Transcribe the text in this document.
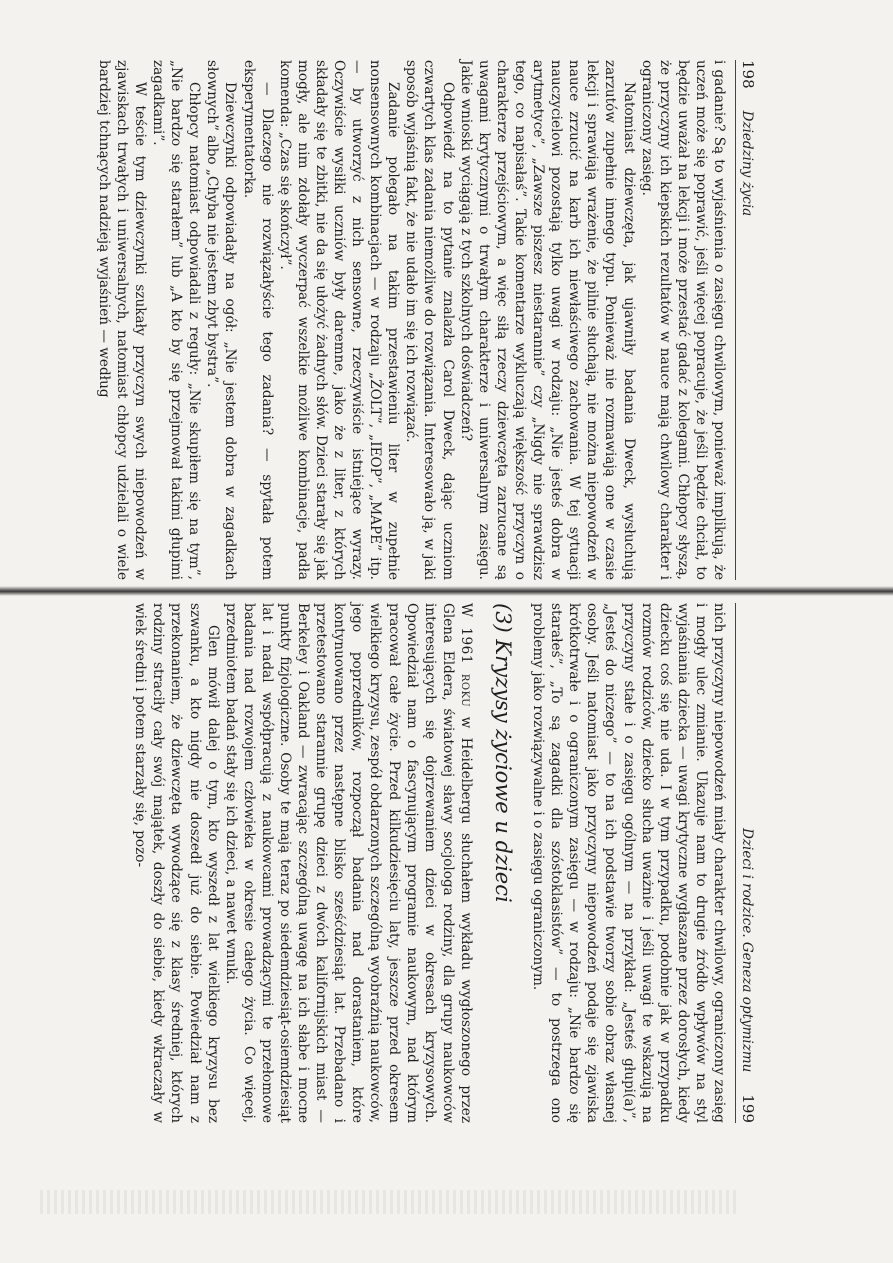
198
Dziedziny życia

i gadanie? Są to wyjaśnienia o zasięgu chwilowym, ponieważ implikują, że uczeń może się poprawić, jeśli więcej popracuje, że jeśli będzie chciał, to będzie uważał na lekcji i może przestać gadać z kolegami. Chłopcy słyszą, że przyczyny ich kiepskich rezultatów w nauce mają chwilowy charakter i ograniczony zasięg.

Natomiast dziewczęta, jak ujawniły badania Dweck, wysłuchują zarzutów zupełnie innego typu. Ponieważ nie rozmawiają one w czasie lekcji i sprawiają wrażenie, że pilnie słuchają, nie można niepowodzeń w nauce zrzucić na karb ich niewłaściwego zachowania. W tej sytuacji nauczycielowi pozostają tylko uwagi w rodzaju: „Nie jesteś dobra w arytmetyce”, „Zawsze piszesz niestarannie” czy „Nigdy nie sprawdzisz tego, co napisałaś”. Takie komentarze wykluczają większość przyczyn o charakterze przejściowym, a więc siłą rzeczy dziewczęta zarzucane są uwagami krytycznymi o trwałym charakterze i uniwersalnym zasięgu. Jakie wnioski wyciągają z tych szkolnych doświadczeń?

Odpowiedź na to pytanie znalazła Carol Dweck, dając uczniom czwartych klas zadania niemożliwe do rozwiązania. Interesowało ją, w jaki sposób wyjaśnią fakt, że nie udało im się ich rozwiązać.

Zadanie polegało na takim przestawieniu liter w zupełnie nonsensownych kombinacjach — w rodzaju „ŻOLT”, „IEOP”, „MAPE” itp. — by utworzyć z nich sensowne, rzeczywiście istniejące wyrazy. Oczywiście wysiłki uczniów były daremne, jako że z liter, z których składały się te zbitki, nie da się ułożyć żadnych słów. Dzieci starały się jak mogły, ale nim zdołały wyczerpać wszelkie możliwe kombinacje, padła komenda: „Czas się skończył”.

— Dlaczego nie rozwiązałyście tego zadania? — spytała potem eksperymentatorka.

Dziewczynki odpowiadały na ogół: „Nie jestem dobra w zagadkach słownych” albo „Chyba nie jestem zbyt bystra”.

Chłopcy natomiast odpowiadali z reguły: „Nie skupiłem się na tym”, „Nie bardzo się starałem” lub „A kto by się przejmował takimi głupimi zagadkami”.

W teście tym dziewczynki szukały przyczyn swych niepowodzeń w zjawiskach trwałych i uniwersalnych, natomiast chłopcy udzielali o wiele bardziej tchnących nadzieją wyjaśnień — według

Dzieci i rodzice. Geneza optymizmu
199

nich przyczyny niepowodzeń miały charakter chwilowy, ograniczony zasięg i mogły ulec zmianie. Ukazuje nam to drugie źródło wpływów na styl wyjaśniania dziecka — uwagi krytyczne wygłaszane przez dorosłych, kiedy dziecku coś się nie uda. I w tym przypadku, podobnie jak w przypadku rozmów rodziców, dziecko słucha uważnie i jeśli uwagi te wskazują na przyczyny stałe i o zasięgu ogólnym — na przykład: „Jesteś głupi(a)”, „Jesteś do niczego” — to na ich podstawie tworzy sobie obraz własnej osoby. Jeśli natomiast jako przyczyny niepowodzeń podaje się zjawiska krótkotrwałe i o ograniczonym zasięgu — w rodzaju: „Nie bardzo się starałeś”, „To są zagadki dla szóstoklasistów” — to postrzega ono problemy jako rozwiązywalne i o zasięgu ograniczonym.

(3) Kryzysy życiowe u dzieci

W 1961 roku w Heidelbergu słuchałem wykładu wygłoszonego przez Glena Eldera, światowej sławy socjologa rodziny, dla grupy naukowców interesujących się dojrzewaniem dzieci w okresach kryzysowych. Opowiedział nam o fascynującym programie naukowym, nad którym pracował całe życie. Przed kilkudziesięciu laty, jeszcze przed okresem wielkiego kryzysu, zespół obdarzonych szczególną wyobraźnią naukowców, jego poprzedników, rozpoczął badania nad dorastaniem, które kontynuowano przez następne blisko sześćdziesiąt lat. Przebadano i przetestowano starannie grupę dzieci z dwóch kalifornijskich miast — Berkeley i Oakland — zwracając szczególną uwagę na ich słabe i mocne punkty fizjologiczne. Osoby te mają teraz po siedemdziesiąt-osiemdziesiąt lat i nadal współpracują z naukowcami prowadzącymi te przełomowe badania nad rozwojem człowieka w okresie całego życia. Co więcej, przedmiotem badań stały się ich dzieci, a nawet wnuki.

Glen mówił dalej o tym, kto wyszedł z lat wielkiego kryzysu bez szwanku, a kto nigdy nie doszedł już do siebie. Powiedział nam z przekonaniem, że dziewczęta wywodzące się z klasy średniej, których rodziny straciły cały swój majątek, doszły do siebie, kiedy wkraczały w wiek średni i potem starzały się, pozo-
